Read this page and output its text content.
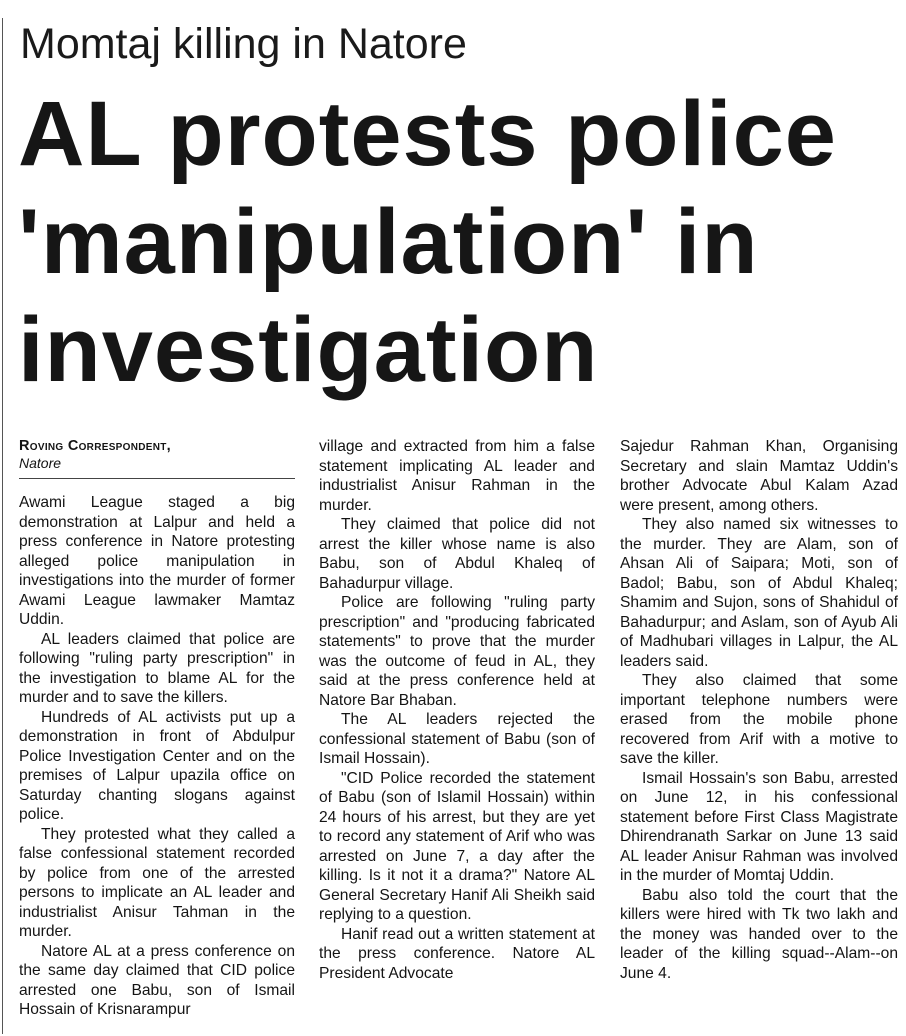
Momtaj killing in Natore
AL protests police
'manipulation' in
investigation
Roving Correspondent,
Natore

Awami League staged a big demonstration at Lalpur and held a press conference in Natore protesting alleged police manipulation in investigations into the murder of former Awami League lawmaker Mamtaz Uddin.

AL leaders claimed that police are following "ruling party prescription" in the investigation to blame AL for the murder and to save the killers.

Hundreds of AL activists put up a demonstration in front of Abdulpur Police Investigation Center and on the premises of Lalpur upazila office on Saturday chanting slogans against police.

They protested what they called a false confessional statement recorded by police from one of the arrested persons to implicate an AL leader and industrialist Anisur Tahman in the murder.

Natore AL at a press conference on the same day claimed that CID police arrested one Babu, son of Ismail Hossain of Krisnarampur

village and extracted from him a false statement implicating AL leader and industrialist Anisur Rahman in the murder.

They claimed that police did not arrest the killer whose name is also Babu, son of Abdul Khaleq of Bahadurpur village.

Police are following "ruling party prescription" and "producing fabricated statements" to prove that the murder was the outcome of feud in AL, they said at the press conference held at Natore Bar Bhaban.

The AL leaders rejected the confessional statement of Babu (son of Ismail Hossain).

"CID Police recorded the statement of Babu (son of Islamil Hossain) within 24 hours of his arrest, but they are yet to record any statement of Arif who was arrested on June 7, a day after the killing. Is it not it a drama?" Natore AL General Secretary Hanif Ali Sheikh said replying to a question.

Hanif read out a written statement at the press conference. Natore AL President Advocate

Sajedur Rahman Khan, Organising Secretary and slain Mamtaz Uddin's brother Advocate Abul Kalam Azad were present, among others.

They also named six witnesses to the murder. They are Alam, son of Ahsan Ali of Saipara; Moti, son of Badol; Babu, son of Abdul Khaleq; Shamim and Sujon, sons of Shahidul of Bahadurpur; and Aslam, son of Ayub Ali of Madhubari villages in Lalpur, the AL leaders said.

They also claimed that some important telephone numbers were erased from the mobile phone recovered from Arif with a motive to save the killer.

Ismail Hossain's son Babu, arrested on June 12, in his confessional statement before First Class Magistrate Dhirendranath Sarkar on June 13 said AL leader Anisur Rahman was involved in the murder of Momtaj Uddin.

Babu also told the court that the killers were hired with Tk two lakh and the money was handed over to the leader of the killing squad--Alam--on June 4.
